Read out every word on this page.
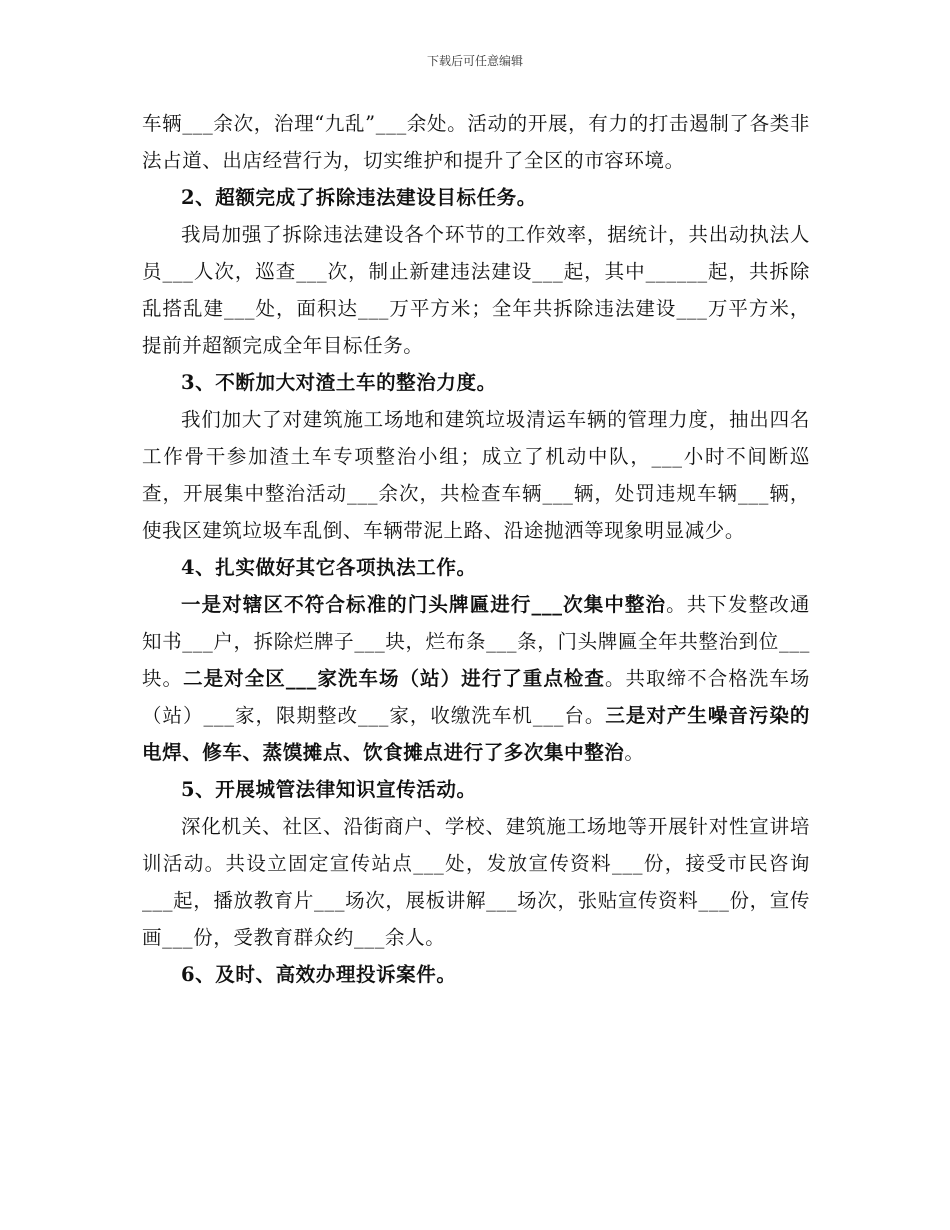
下载后可任意编辑

车辆___余次，治理“九乱”___余处。活动的开展，有力的打击遏制了各类非法占道、出店经营行为，切实维护和提升了全区的市容环境。

2、超额完成了拆除违法建设目标任务。

我局加强了拆除违法建设各个环节的工作效率，据统计，共出动执法人员___人次，巡查___次，制止新建违法建设___起，其中______起，共拆除乱搭乱建___处，面积达___万平方米；全年共拆除违法建设___万平方米，提前并超额完成全年目标任务。

3、不断加大对渣土车的整治力度。

我们加大了对建筑施工场地和建筑垃圾清运车辆的管理力度，抽出四名工作骨干参加渣土车专项整治小组；成立了机动中队，___小时不间断巡查，开展集中整治活动___余次，共检查车辆___辆，处罚违规车辆___辆，使我区建筑垃圾车乱倒、车辆带泥上路、沿途抛洒等现象明显减少。

4、扎实做好其它各项执法工作。

一是对辖区不符合标准的门头牌匾进行___次集中整治。共下发整改通知书___户，拆除烂牌子___块，烂布条___条，门头牌匾全年共整治到位___块。二是对全区___家洗车场（站）进行了重点检查。共取缔不合格洗车场（站）___家，限期整改___家，收缴洗车机___台。三是对产生噪音污染的电焊、修车、蒸馍摊点、饮食摊点进行了多次集中整治。

5、开展城管法律知识宣传活动。

深化机关、社区、沿街商户、学校、建筑施工场地等开展针对性宣讲培训活动。共设立固定宣传站点___处，发放宣传资料___份，接受市民咨询___起，播放教育片___场次，展板讲解___场次，张贴宣传资料___份，宣传画___份，受教育群众约___余人。

6、及时、高效办理投诉案件。
